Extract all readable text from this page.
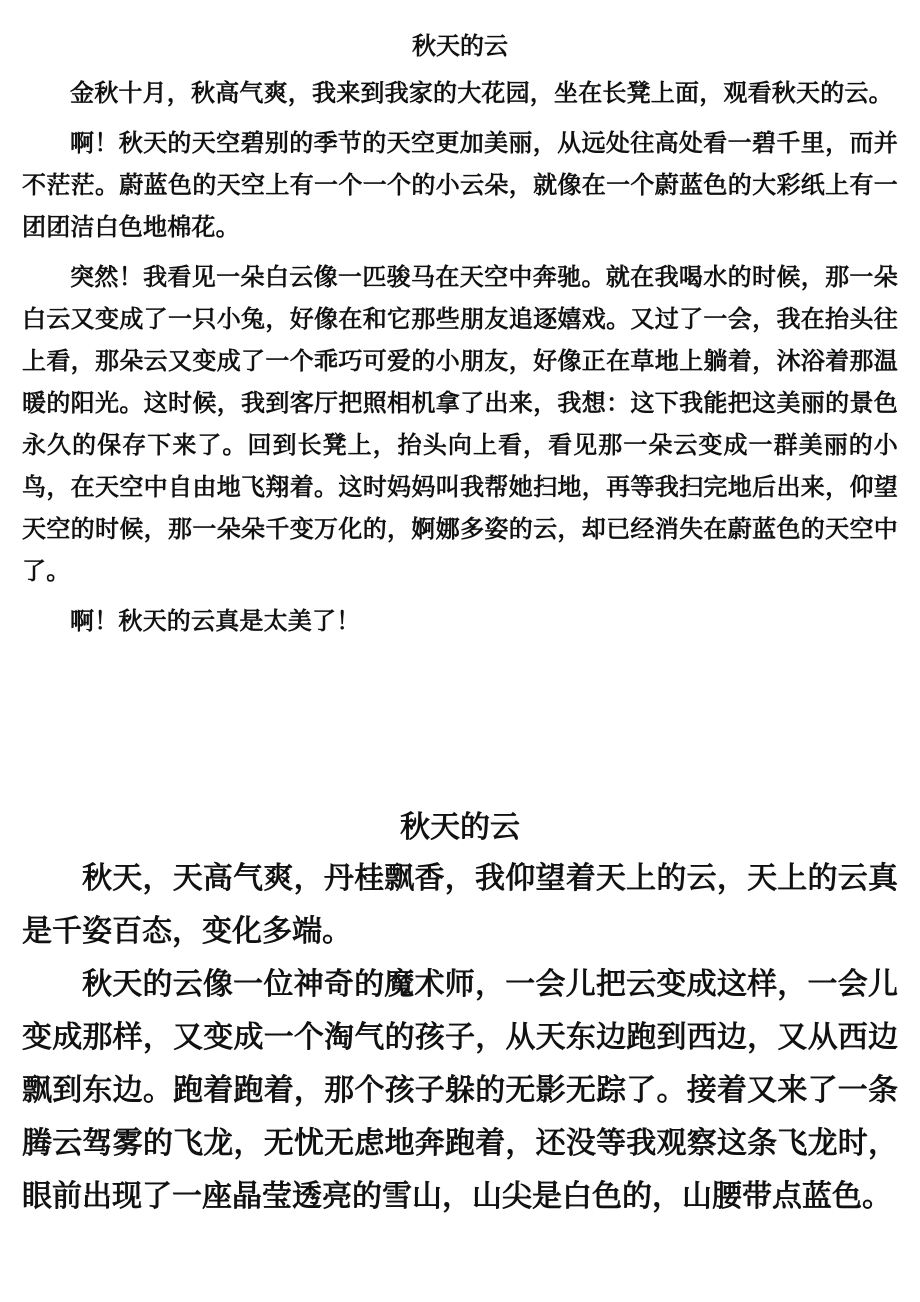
秋天的云

金秋十月，秋高气爽，我来到我家的大花园，坐在长凳上面，观看秋天的云。

啊！秋天的天空碧别的季节的天空更加美丽，从远处往高处看一碧千里，而并不茫茫。蔚蓝色的天空上有一个一个的小云朵，就像在一个蔚蓝色的大彩纸上有一团团洁白色地棉花。

突然！我看见一朵白云像一匹骏马在天空中奔驰。就在我喝水的时候，那一朵白云又变成了一只小兔，好像在和它那些朋友追逐嬉戏。又过了一会，我在抬头往上看，那朵云又变成了一个乖巧可爱的小朋友，好像正在草地上躺着，沐浴着那温暖的阳光。这时候，我到客厅把照相机拿了出来，我想：这下我能把这美丽的景色永久的保存下来了。回到长凳上，抬头向上看，看见那一朵云变成一群美丽的小鸟，在天空中自由地飞翔着。这时妈妈叫我帮她扫地，再等我扫完地后出来，仰望天空的时候，那一朵朵千变万化的，婀娜多姿的云，却已经消失在蔚蓝色的天空中了。

啊！秋天的云真是太美了！

秋天的云

秋天，天高气爽，丹桂飘香，我仰望着天上的云，天上的云真是千姿百态，变化多端。

秋天的云像一位神奇的魔术师，一会儿把云变成这样，一会儿变成那样，又变成一个淘气的孩子，从天东边跑到西边，又从西边飘到东边。跑着跑着，那个孩子躲的无影无踪了。接着又来了一条腾云驾雾的飞龙，无忧无虑地奔跑着，还没等我观察这条飞龙时，眼前出现了一座晶莹透亮的雪山，山尖是白色的，山腰带点蓝色。
